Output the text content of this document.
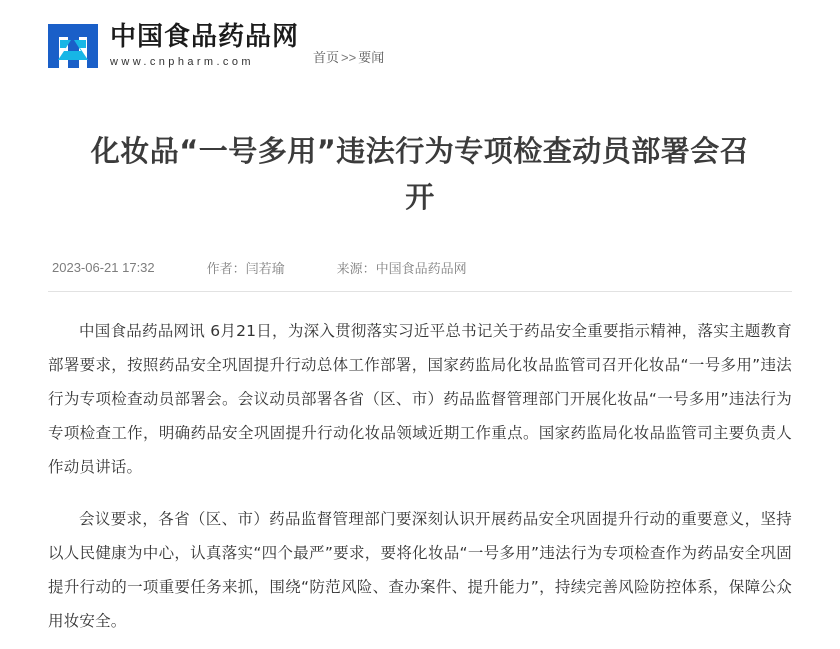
中国食品药品网
www.cnpharm.com	首页 >> 要闻
化妆品“一号多用”违法行为专项检查动员部署会召开
2023-06-21 17:32	作者：闫若瑜	来源：中国食品药品网

中国食品药品网讯 6月21日，为深入贯彻落实习近平总书记关于药品安全重要指示精神，落实主题教育部署要求，按照药品安全巩固提升行动总体工作部署，国家药监局化妆品监管司召开化妆品“一号多用”违法行为专项检查动员部署会。会议动员部署各省（区、市）药品监督管理部门开展化妆品“一号多用”违法行为专项检查工作，明确药品安全巩固提升行动化妆品领域近期工作重点。国家药监局化妆品监管司主要负责人作动员讲话。

会议要求，各省（区、市）药品监督管理部门要深刻认识开展药品安全巩固提升行动的重要意义，坚持以人民健康为中心，认真落实“四个最严”要求，要将化妆品“一号多用”违法行为专项检查作为药品安全巩固提升行动的一项重要任务来抓，围绕“防范风险、查办案件、提升能力”，持续完善风险防控体系，保障公众用妆安全。
